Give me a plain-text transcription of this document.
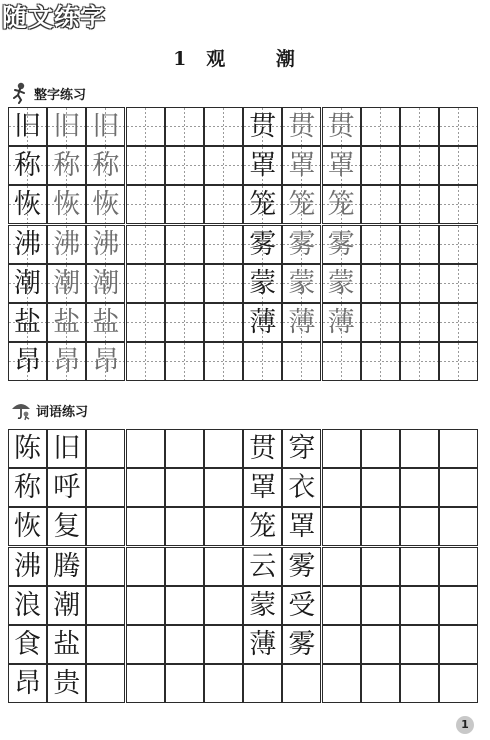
随文练字
1 观 潮
整字练习
词语练习
旧 旧 旧	贯 贯 贯
称 称 称	罩 罩 罩
恢 恢 恢	笼 笼 笼
沸 沸 沸	雾 雾 雾
潮 潮 潮	蒙 蒙 蒙
盐 盐 盐	薄 薄 薄
昂 昂 昂
陈 旧	贯 穿
称 呼	罩 衣
恢 复	笼 罩
沸 腾	云 雾
浪 潮	蒙 受
食 盐	薄 雾
昂 贵
1
